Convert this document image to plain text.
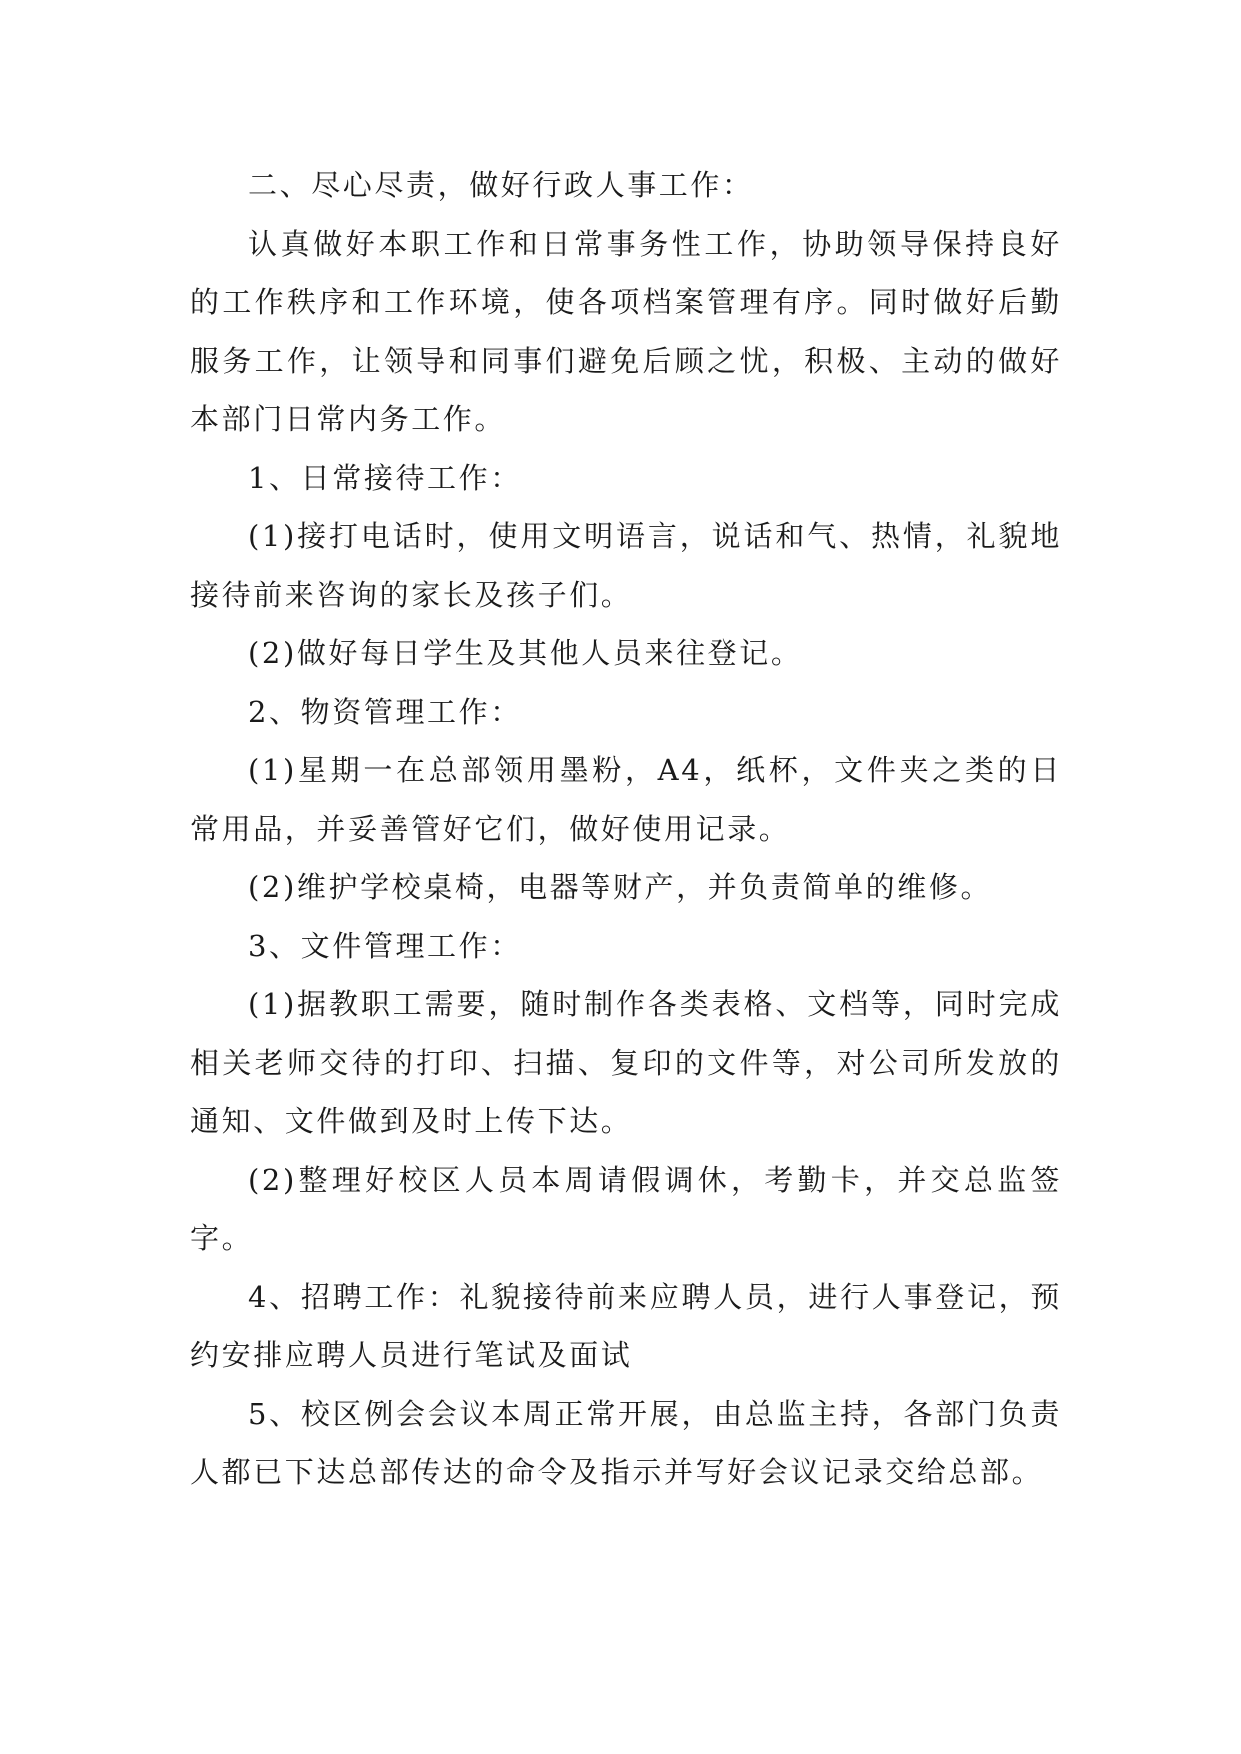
二、尽心尽责，做好行政人事工作：

认真做好本职工作和日常事务性工作，协助领导保持良好的工作秩序和工作环境，使各项档案管理有序。同时做好后勤服务工作，让领导和同事们避免后顾之忧，积极、主动的做好本部门日常内务工作。

1、日常接待工作：

(1)接打电话时，使用文明语言，说话和气、热情，礼貌地接待前来咨询的家长及孩子们。

(2)做好每日学生及其他人员来往登记。

2、物资管理工作：

(1)星期一在总部领用墨粉，A4，纸杯，文件夹之类的日常用品，并妥善管好它们，做好使用记录。

(2)维护学校桌椅，电器等财产，并负责简单的维修。

3、文件管理工作：

(1)据教职工需要，随时制作各类表格、文档等，同时完成相关老师交待的打印、扫描、复印的文件等，对公司所发放的通知、文件做到及时上传下达。

(2)整理好校区人员本周请假调休，考勤卡，并交总监签字。

4、招聘工作：礼貌接待前来应聘人员，进行人事登记，预约安排应聘人员进行笔试及面试

5、校区例会会议本周正常开展，由总监主持，各部门负责人都已下达总部传达的命令及指示并写好会议记录交给总部。
